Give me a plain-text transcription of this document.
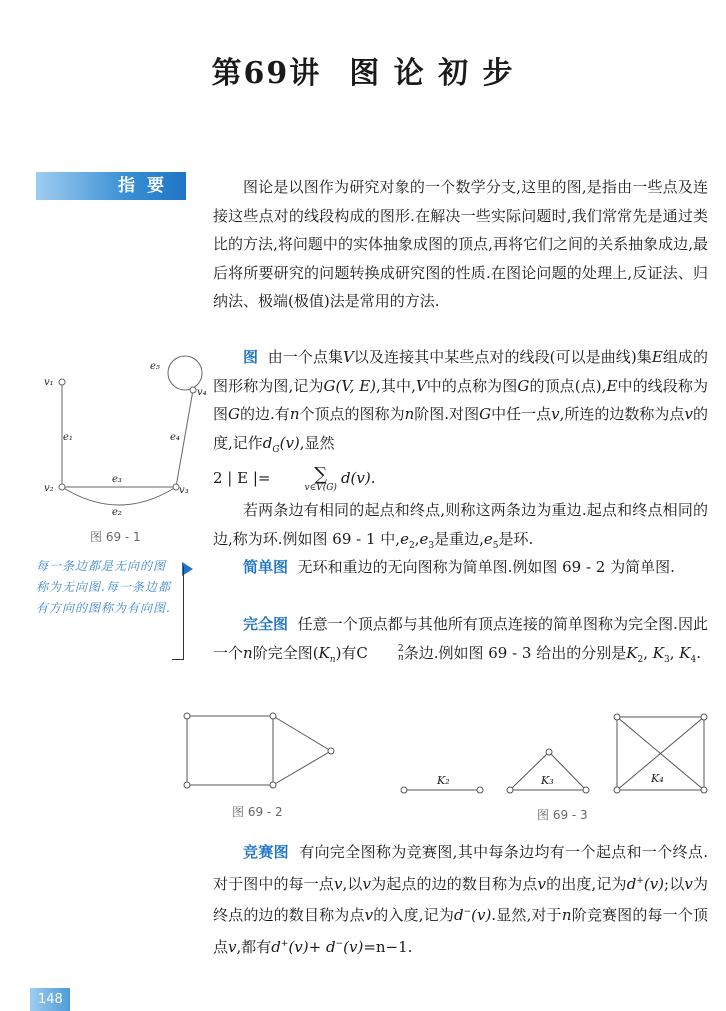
第69讲 图 论 初 步
指要	图论是以图作为研究对象的一个数学分支,这里的图,是指由一些点及连接这些点对的线段构成的图形.在解决一些实际问题时,我们常常先是通过类比的方法,将问题中的实体抽象成图的顶点,再将它们之间的关系抽象成边,最后将所要研究的问题转换成研究图的性质.在图论问题的处理上,反证法、归纳法、极端(极值)法是常用的方法.
图 由一个点集V以及连接其中某些点对的线段(可以是曲线)集E组成的图形称为图,记为G(V, E),其中,V中的点称为图G的顶点(点),E中的线段称为图G的边.有n个顶点的图称为n阶图.对图G中任一点v,所连的边数称为点v的度,记作$d_G(v)$,显然
2 | E |=	∑
v∈V(G)
d(v).
若两条边有相同的起点和终点,则称这两条边为重边.起点和终点相同的边,称为环.例如图 69 - 1 中$,e_2,e_3$是重边$,e_5$是环.
简单图 无环和重边的无向图称为简单图.例如图 69 - 2 为简单图.
完全图 任意一个顶点都与其他所有顶点连接的简单图称为完全图.因此一个n阶完全图$(K_n)$有C	2
n 条边.例如图 69 - 3 给出的分别是$K_2$, $K_3$, $K_4$.
竞赛图 有向完全图称为竞赛图,其中每条边均有一个起点和一个终点.对于图中的每一点v,以v为起点的边的数目称为点v的出度,记为d+(v);以v为终点的边的数目称为点v的入度,记为d−(v).显然,对于n阶竞赛图的每一个顶点v,都有d+(v)+ d−(v)=n−1.
v₁
v₄
v₂	v₃
e₁	e₄
e₃
e₂
e₅
图 69 - 1
每一条边都是无向的图称为无向图.每一条边都有方向的图称为有向图.
图 69 - 2
K₂	K₃	K₄
图 69 - 3
148
